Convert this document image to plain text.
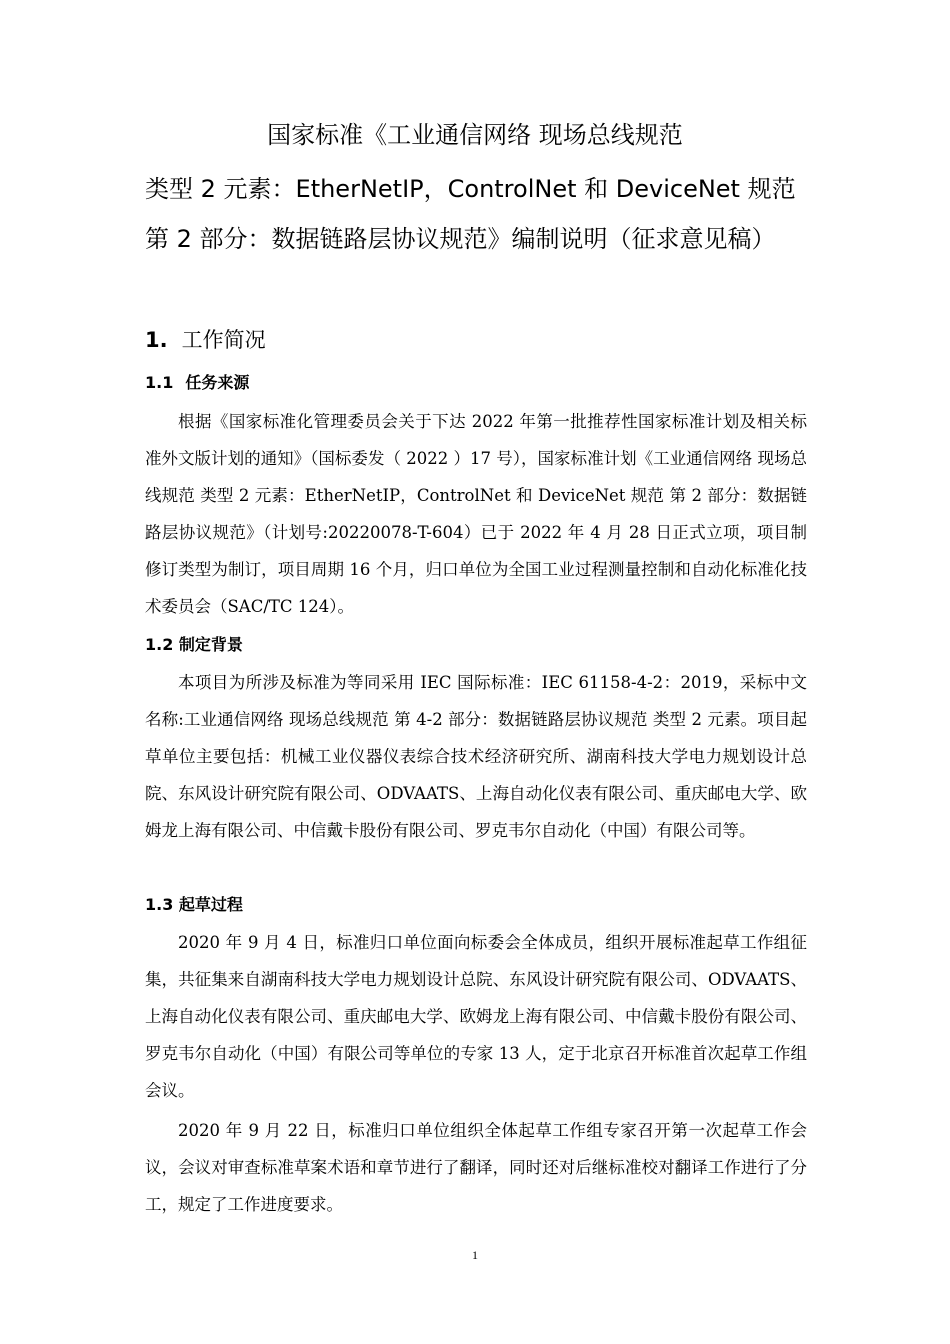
国家标准《工业通信网络 现场总线规范
类型 2 元素：EtherNetIP，ControlNet 和 DeviceNet 规范
第 2 部分：数据链路层协议规范》编制说明（征求意见稿）
1. 工作简况
1.1 任务来源
根据《国家标准化管理委员会关于下达 2022 年第一批推荐性国家标准计划及相关标准外文版计划的通知》（国标委发（ 2022 ）17 号），国家标准计划《工业通信网络 现场总线规范 类型 2 元素：EtherNetIP，ControlNet 和 DeviceNet 规范 第 2 部分：数据链路层协议规范》（计划号:20220078-T-604）已于 2022 年 4 月 28 日正式立项，项目制修订类型为制订，项目周期 16 个月，归口单位为全国工业过程测量控制和自动化标准化技术委员会（SAC/TC 124）。
1.2 制定背景
本项目为所涉及标准为等同采用 IEC 国际标准：IEC 61158-4-2：2019，采标中文名称:工业通信网络 现场总线规范 第 4-2 部分：数据链路层协议规范 类型 2 元素。项目起草单位主要包括：机械工业仪器仪表综合技术经济研究所、湖南科技大学电力规划设计总院、东风设计研究院有限公司、ODVAATS、上海自动化仪表有限公司、重庆邮电大学、欧姆龙上海有限公司、中信戴卡股份有限公司、罗克韦尔自动化（中国）有限公司等。
1.3 起草过程
2020 年 9 月 4 日，标准归口单位面向标委会全体成员，组织开展标准起草工作组征集，共征集来自湖南科技大学电力规划设计总院、东风设计研究院有限公司、ODVAATS、上海自动化仪表有限公司、重庆邮电大学、欧姆龙上海有限公司、中信戴卡股份有限公司、罗克韦尔自动化（中国）有限公司等单位的专家 13 人，定于北京召开标准首次起草工作组会议。
2020 年 9 月 22 日，标准归口单位组织全体起草工作组专家召开第一次起草工作会议，会议对审查标准草案术语和章节进行了翻译，同时还对后继标准校对翻译工作进行了分工，规定了工作进度要求。
1
